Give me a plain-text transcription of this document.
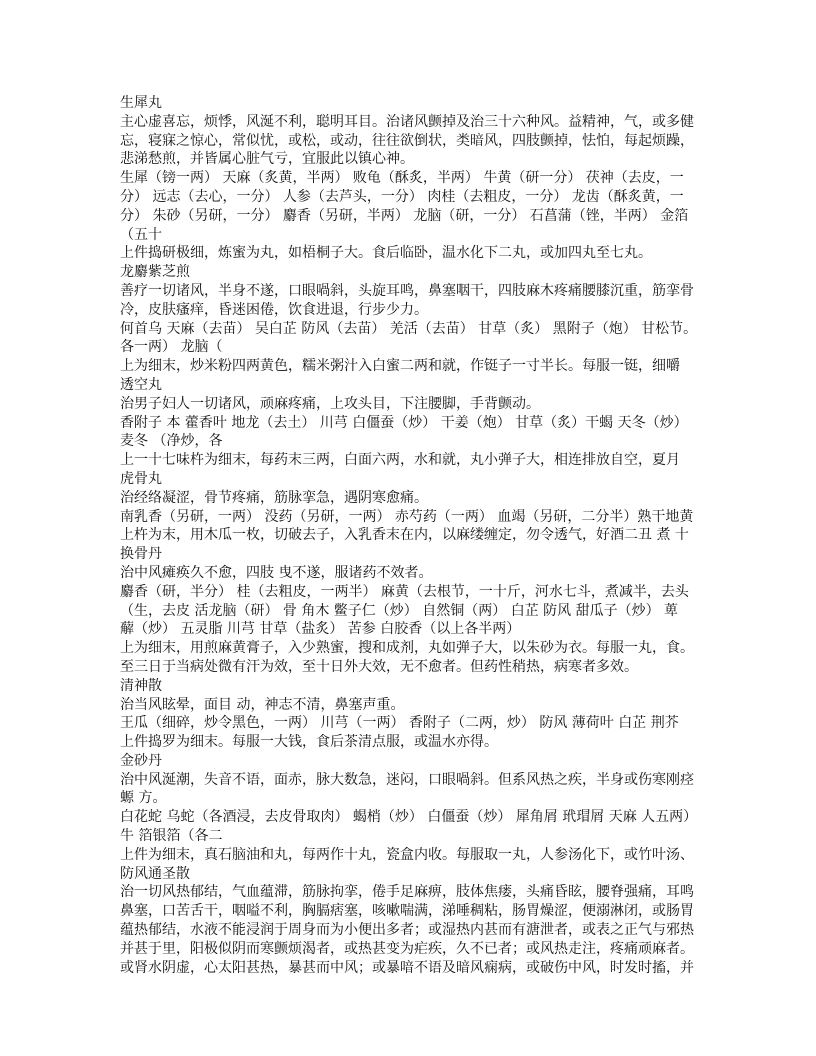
生犀丸
主心虚喜忘，烦悸，风涎不利，聪明耳目。治诸风颤掉及治三十六种风。益精神，气，或多健
忘，寝寐之惊心，常似忧，或松，或动，往往欲倒状，类暗风，四肢颤掉，怯怕，每起烦躁，
悲涕愁煎，并皆属心脏气亏，宜服此以镇心神。
生犀（镑一两） 天麻（炙黄，半两） 败龟（酥炙，半两） 牛黄（研一分） 茯神（去皮，一
分） 远志（去心，一分） 人参（去芦头，一分） 肉桂（去粗皮，一分） 龙齿（酥炙黄，一
分） 朱砂（另研，一分） 麝香（另研，半两） 龙脑（研，一分） 石菖蒲（锉，半两） 金箔
（五十
上件捣研极细，炼蜜为丸，如梧桐子大。食后临卧，温水化下二丸，或加四丸至七丸。
龙麝紫芝煎
善疗一切诸风，半身不遂，口眼喎斜，头旋耳鸣，鼻塞咽干，四肢麻木疼痛腰膝沉重，筋挛骨
冷，皮肤瘙痒，昏迷困倦，饮食进退，行步少力。
何首乌 天麻（去苗） 吴白芷 防风（去苗） 羌活（去苗） 甘草（炙） 黑附子（炮） 甘松节。
各一两） 龙脑（
上为细末，炒米粉四两黄色，糯米粥汁入白蜜二两和就，作铤子一寸半长。每服一铤，细嚼
透空丸
治男子妇人一切诸风，顽麻疼痛，上攻头目，下注腰脚，手背颤动。
香附子 本 藿香叶 地龙（去土） 川芎 白僵蚕（炒） 干姜（炮） 甘草（炙）干蝎 天冬（炒）
麦冬 （净炒，各
上一十七味杵为细末，每药末三两，白面六两，水和就，丸小弹子大，相连排放自空，夏月
虎骨丸
治经络凝涩，骨节疼痛，筋脉挛急，遇阴寒愈痛。
南乳香（另研，一两） 没药（另研，一两） 赤芍药（一两） 血竭（另研，二分半）熟干地黄
上杵为末，用木瓜一枚，切破去子，入乳香末在内，以麻缕缠定，勿令透气，好酒二丑 煮 十
换骨丹
治中风瘫痪久不愈，四肢 曳不遂，服诸药不效者。
麝香（研，半分） 桂（去粗皮，一两半） 麻黄（去根节，一十斤，河水七斗，煮减半，去头
（生，去皮 活龙脑（研） 骨 角木 鳖子仁（炒） 自然铜（两） 白芷 防风 甜瓜子（炒） 萆
薢（炒） 五灵脂 川芎 甘草（盐炙） 苦参 白胶香（以上各半两）
上为细末，用煎麻黄膏子，入少熟蜜，搜和成剂，丸如弹子大，以朱砂为衣。每服一丸，食。
至三日于当病处微有汗为效，至十日外大效，无不愈者。但药性稍热，病寒者多效。
清神散
治当风眩晕，面目 动，神志不清，鼻塞声重。
王瓜（细碎，炒令黑色，一两） 川芎（一两） 香附子（二两，炒） 防风 薄荷叶 白芷 荆芥
上件捣罗为细末。每服一大钱，食后茶清点服，或温水亦得。
金砂丹
治中风涎潮，失音不语，面赤，脉大数急，迷闷，口眼喎斜。但系风热之疾，半身或伤寒刚痉
螈 方。
白花蛇 乌蛇（各酒浸，去皮骨取肉） 蝎梢（炒） 白僵蚕（炒） 犀角屑 玳瑁屑 天麻 人五两）
牛 箔银箔（各二
上件为细末，真石脑油和丸，每两作十丸，瓷盒内收。每服取一丸，人参汤化下，或竹叶汤、
防风通圣散
治一切风热郁结，气血蕴滞，筋脉拘挛，倦手足麻痹，肢体焦瘘，头痛昏眩，腰脊强痛，耳鸣
鼻塞，口苦舌干，咽嗌不利，胸膈痞塞，咳嗽喘满，涕唾稠粘，肠胃燥涩，便溺淋闭，或肠胃
蕴热郁结，水液不能浸润于周身而为小便出多者；或湿热内甚而有溏泄者，或表之正气与邪热
并甚于里，阳极似阴而寒颤烦渴者，或热甚变为疟疾，久不已者；或风热走注，疼痛顽麻者。
或肾水阴虚，心太阳甚热，暴甚而中风；或暴喑不语及暗风痫病，或破伤中风，时发时搐，并
